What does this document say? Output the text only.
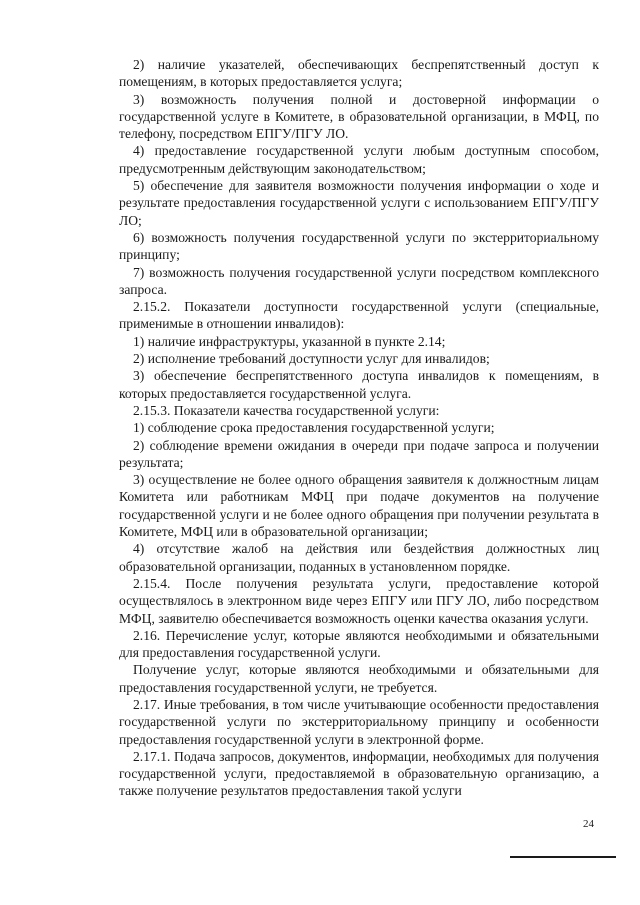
2) наличие указателей, обеспечивающих беспрепятственный доступ к помещениям, в которых предоставляется услуга;

3) возможность получения полной и достоверной информации о государственной услуге в Комитете, в образовательной организации, в МФЦ, по телефону, посредством ЕПГУ/ПГУ ЛО.

4) предоставление государственной услуги любым доступным способом, предусмотренным действующим законодательством;

5) обеспечение для заявителя возможности получения информации о ходе и результате предоставления государственной услуги с использованием ЕПГУ/ПГУ ЛО;

6) возможность получения государственной услуги по экстерриториальному принципу;

7) возможность получения государственной услуги посредством комплексного запроса.

2.15.2. Показатели доступности государственной услуги (специальные, применимые в отношении инвалидов):

1) наличие инфраструктуры, указанной в пункте 2.14;

2) исполнение требований доступности услуг для инвалидов;

3) обеспечение беспрепятственного доступа инвалидов к помещениям, в которых предоставляется государственной услуга.

2.15.3. Показатели качества государственной услуги:

1) соблюдение срока предоставления государственной услуги;

2) соблюдение времени ожидания в очереди при подаче запроса и получении результата;

3) осуществление не более одного обращения заявителя к должностным лицам Комитета или работникам МФЦ при подаче документов на получение государственной услуги и не более одного обращения при получении результата в Комитете, МФЦ или в образовательной организации;

4) отсутствие жалоб на действия или бездействия должностных лиц образовательной организации, поданных в установленном порядке.

2.15.4. После получения результата услуги, предоставление которой осуществлялось в электронном виде через ЕПГУ или ПГУ ЛО, либо посредством МФЦ, заявителю обеспечивается возможность оценки качества оказания услуги.

2.16. Перечисление услуг, которые являются необходимыми и обязательными для предоставления государственной услуги.

Получение услуг, которые являются необходимыми и обязательными для предоставления государственной услуги, не требуется.

2.17. Иные требования, в том числе учитывающие особенности предоставления государственной услуги по экстерриториальному принципу и особенности предоставления государственной услуги в электронной форме.

2.17.1. Подача запросов, документов, информации, необходимых для получения государственной услуги, предоставляемой в образовательную организацию, а также получение результатов предоставления такой услуги

24
